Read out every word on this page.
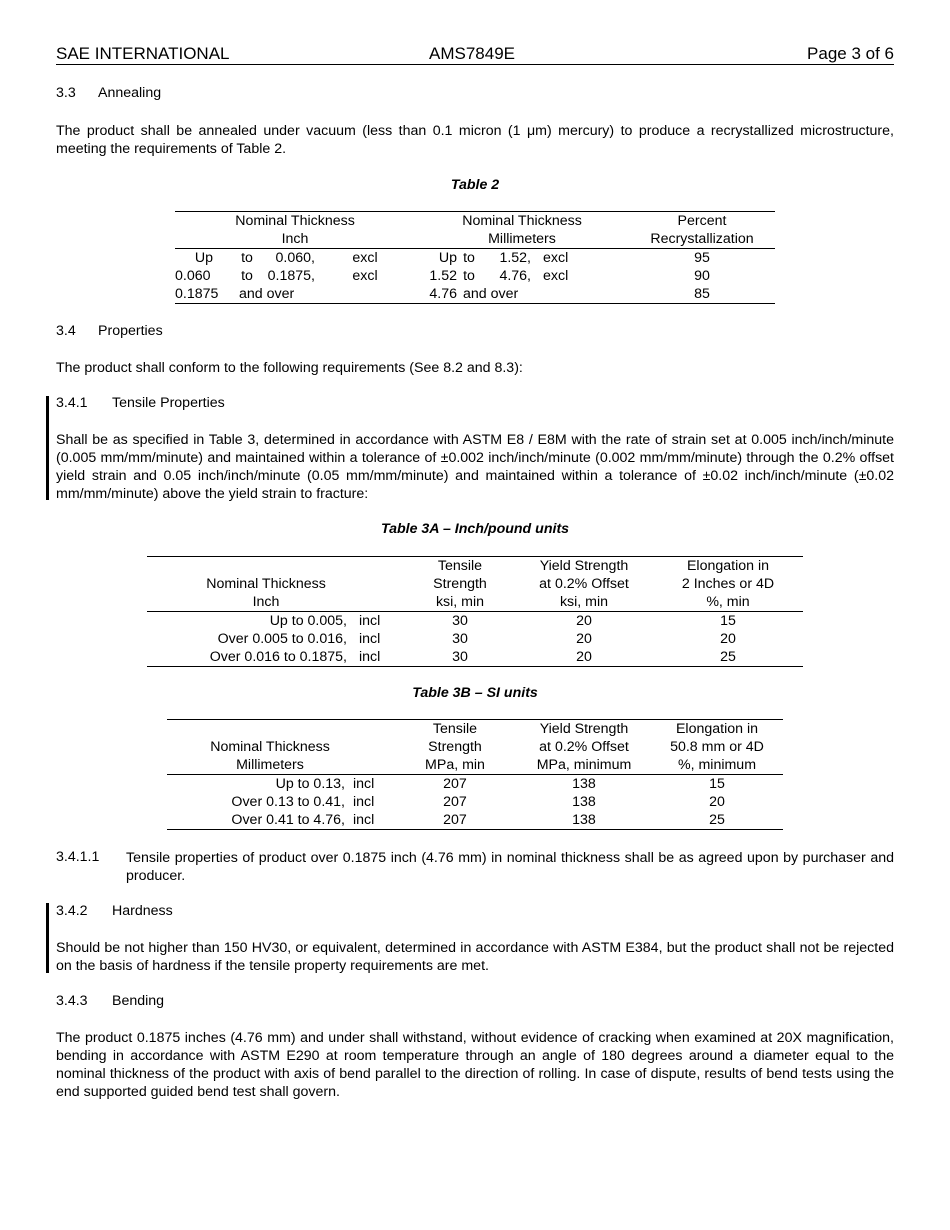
SAE INTERNATIONAL	AMS7849E	Page 3 of 6
3.3 Annealing
The product shall be annealed under vacuum (less than 0.1 micron (1 μm) mercury) to produce a recrystallized microstructure, meeting the requirements of Table 2.
Table 2
Nominal Thickness				Nominal Thickness				Percent
Inch				Millimeters				Recrystallization
Up	to	0.060,	excl	Up	to	1.52,	excl	95
0.060	to	0.1875,	excl	1.52	to	4.76,	excl	90
0.1875	and over			4.76	and over			85
3.4 Properties
The product shall conform to the following requirements (See 8.2 and 8.3):
3.4.1 Tensile Properties
Shall be as specified in Table 3, determined in accordance with ASTM E8 / E8M with the rate of strain set at 0.005 inch/inch/minute (0.005 mm/mm/minute) and maintained within a tolerance of ±0.002 inch/inch/minute (0.002 mm/mm/minute) through the 0.2% offset yield strain and 0.05 inch/inch/minute (0.05 mm/mm/minute) and maintained within a tolerance of ±0.02 inch/inch/minute (±0.02 mm/mm/minute) above the yield strain to fracture:
Table 3A – Inch/pound units
		Tensile	Yield Strength	Elongation in
Nominal Thickness		Strength	at 0.2% Offset	2 Inches or 4D
Inch		ksi, min	ksi, min	%, min
Up to 0.005,	incl	30	20	15
Over 0.005 to 0.016,	incl	30	20	20
Over 0.016 to 0.1875,	incl	30	20	25
Table 3B – SI units
		Tensile	Yield Strength	Elongation in
Nominal Thickness		Strength	at 0.2% Offset	50.8 mm or 4D
Millimeters		MPa, min	MPa, minimum	%, minimum
Up to 0.13,	incl	207	138	15
Over 0.13 to 0.41,	incl	207	138	20
Over 0.41 to 4.76,	incl	207	138	25
3.4.1.1	Tensile properties of product over 0.1875 inch (4.76 mm) in nominal thickness shall be as agreed upon by purchaser and producer.
3.4.2 Hardness
Should be not higher than 150 HV30, or equivalent, determined in accordance with ASTM E384, but the product shall not be rejected on the basis of hardness if the tensile property requirements are met.
3.4.3 Bending
The product 0.1875 inches (4.76 mm) and under shall withstand, without evidence of cracking when examined at 20X magnification, bending in accordance with ASTM E290 at room temperature through an angle of 180 degrees around a diameter equal to the nominal thickness of the product with axis of bend parallel to the direction of rolling. In case of dispute, results of bend tests using the end supported guided bend test shall govern.
